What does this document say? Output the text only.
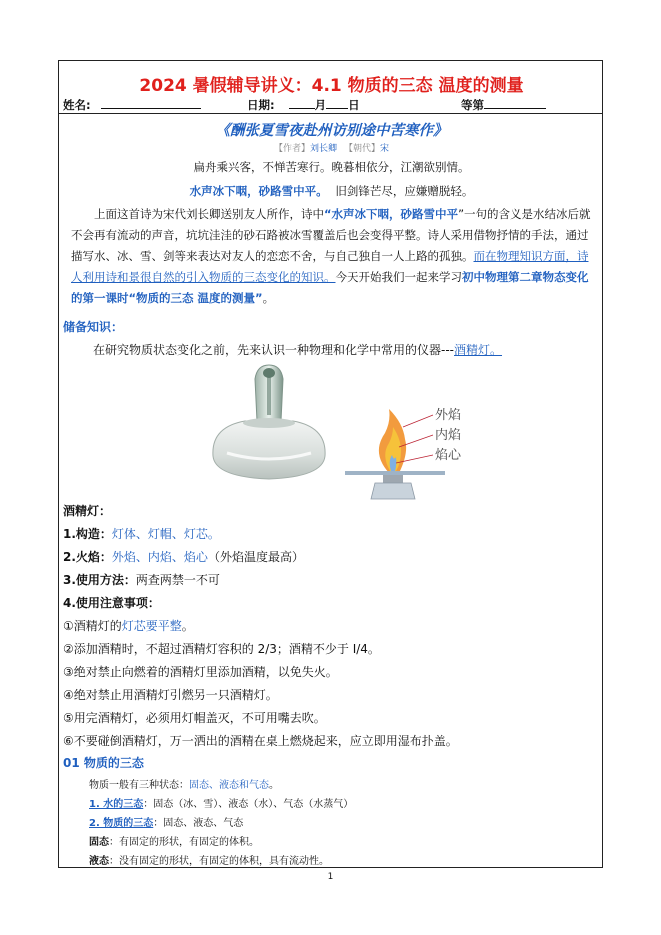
2024 暑假辅导讲义：4.1 物质的三态 温度的测量
姓名:	日期:	月 日	等第
《酬张夏雪夜赴州访别途中苦寒作》
【作者】刘长卿 【朝代】宋
扁舟乘兴客，不惮苦寒行。晚暮相依分，江潮欲别情。
水声冰下咽，砂路雪中平。 旧剑锋芒尽，应嫌赠脱轻。
上面这首诗为宋代刘长卿送别友人所作，诗中“水声冰下咽，砂路雪中平”一句的含义是水结冰后就不会再有流动的声音，坑坑洼洼的砂石路被冰雪覆盖后也会变得平整。诗人采用借物抒情的手法，通过描写水、冰、雪、剑等来表达对友人的恋恋不舍，与自己独自一人上路的孤独。而在物理知识方面，诗人利用诗和景很自然的引入物质的三态变化的知识。今天开始我们一起来学习初中物理第二章物态变化的第一课时“物质的三态 温度的测量”。
储备知识：
在研究物质状态变化之前，先来认识一种物理和化学中常用的仪器---酒精灯。
外焰
内焰
焰心
酒精灯：
1.构造：灯体、灯帽、灯芯。
2.火焰：外焰、内焰、焰心（外焰温度最高）
3.使用方法：两查两禁一不可
4.使用注意事项：
①酒精灯的灯芯要平整。
②添加酒精时，不超过酒精灯容积的 2/3；酒精不少于 I/4。
③绝对禁止向燃着的酒精灯里添加酒精，以免失火。
④绝对禁止用酒精灯引燃另一只酒精灯。
⑤用完酒精灯，必须用灯帽盖灭，不可用嘴去吹。
⑥不要碰倒酒精灯，万一洒出的酒精在桌上燃烧起来，应立即用湿布扑盖。
01 物质的三态
物质一般有三种状态：固态、液态和气态。
1. 水的三态：固态（冰、雪）、液态（水）、气态（水蒸气）
2. 物质的三态：固态、液态、气态
固态：有固定的形状，有固定的体积。
液态：没有固定的形状，有固定的体积，具有流动性。
1
